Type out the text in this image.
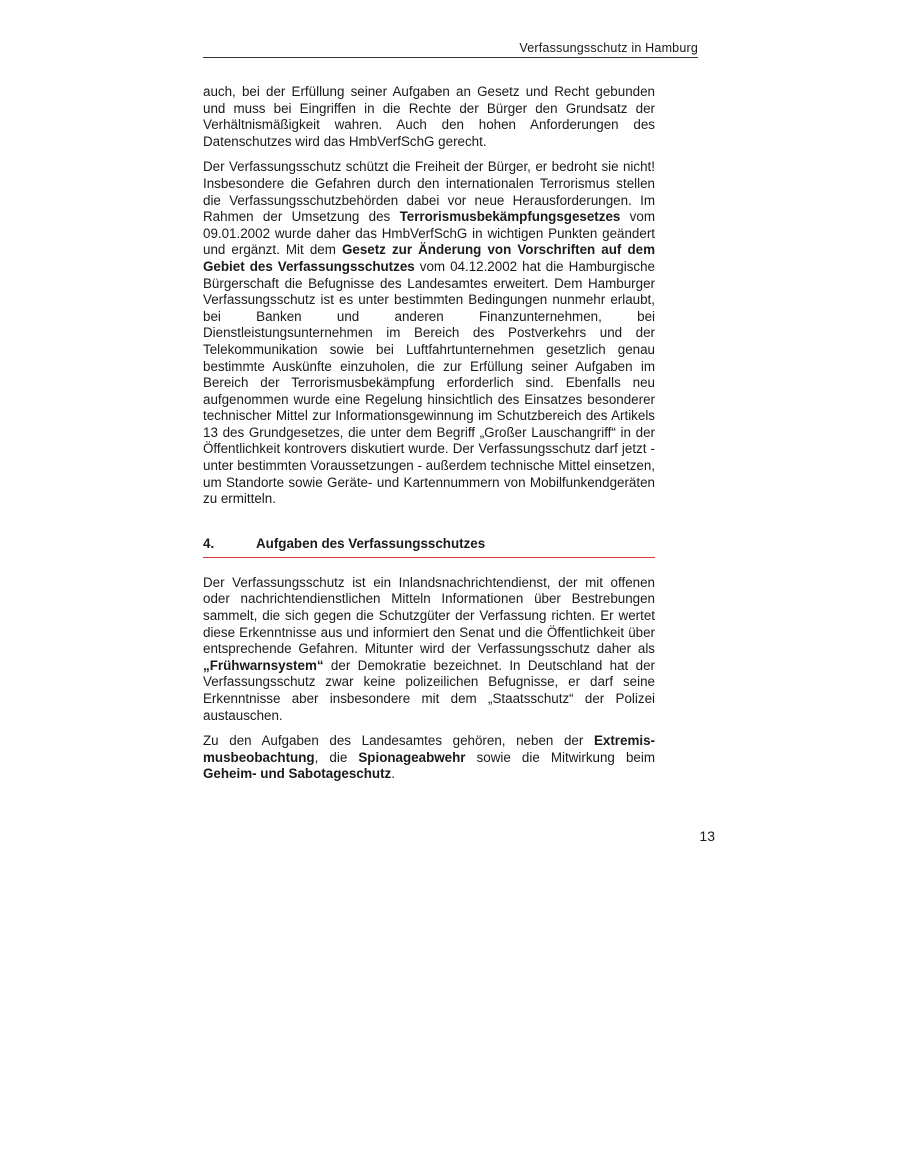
Verfassungsschutz in Hamburg

auch, bei der Erfüllung seiner Aufgaben an Gesetz und Recht gebunden und muss bei Eingriffen in die Rechte der Bürger den Grundsatz der Verhältnismäßigkeit wahren. Auch den hohen Anforderungen des Datenschutzes wird das HmbVerfSchG gerecht.

Der Verfassungsschutz schützt die Freiheit der Bürger, er bedroht sie nicht! Insbesondere die Gefahren durch den internationalen Terrorismus stellen die Verfassungsschutzbehörden dabei vor neue Herausforderungen. Im Rahmen der Umsetzung des Terrorismusbekämpfungsgesetzes vom 09.01.2002 wurde daher das HmbVerfSchG in wichtigen Punkten geändert und ergänzt. Mit dem Gesetz zur Änderung von Vorschriften auf dem Gebiet des Verfassungsschutzes vom 04.12.2002 hat die Hamburgische Bürgerschaft die Befugnisse des Landesamtes erweitert. Dem Hamburger Verfassungsschutz ist es unter bestimmten Bedingungen nunmehr erlaubt, bei Banken und anderen Finanzunternehmen, bei Dienstleistungsunternehmen im Bereich des Postverkehrs und der Telekommunikation sowie bei Luftfahrtunternehmen gesetzlich genau bestimmte Auskünfte einzuholen, die zur Erfüllung seiner Aufgaben im Bereich der Terrorismusbekämpfung erforderlich sind. Ebenfalls neu aufgenommen wurde eine Regelung hinsichtlich des Einsatzes besonderer technischer Mittel zur Informationsgewinnung im Schutzbereich des Artikels 13 des Grundgesetzes, die unter dem Begriff „Großer Lauschangriff“ in der Öffentlichkeit kontrovers diskutiert wurde. Der Verfassungsschutz darf jetzt - unter bestimmten Voraussetzungen - außerdem technische Mittel einsetzen, um Standorte sowie Geräte- und Kartennummern von Mobilfunkendgeräten zu ermitteln.

4.	Aufgaben des Verfassungsschutzes

Der Verfassungsschutz ist ein Inlandsnachrichtendienst, der mit offenen oder nachrichtendienstlichen Mitteln Informationen über Bestrebungen sammelt, die sich gegen die Schutzgüter der Verfassung richten. Er wertet diese Erkenntnisse aus und informiert den Senat und die Öffentlichkeit über entsprechende Gefahren. Mitunter wird der Verfassungsschutz daher als „Frühwarnsystem“ der Demokratie bezeichnet. In Deutschland hat der Verfassungsschutz zwar keine polizeilichen Befugnisse, er darf seine Erkenntnisse aber insbesondere mit dem „Staatsschutz“ der Polizei austauschen.

Zu den Aufgaben des Landesamtes gehören, neben der Extremismusbeobachtung, die Spionageabwehr sowie die Mitwirkung beim Geheim- und Sabotageschutz.

13
